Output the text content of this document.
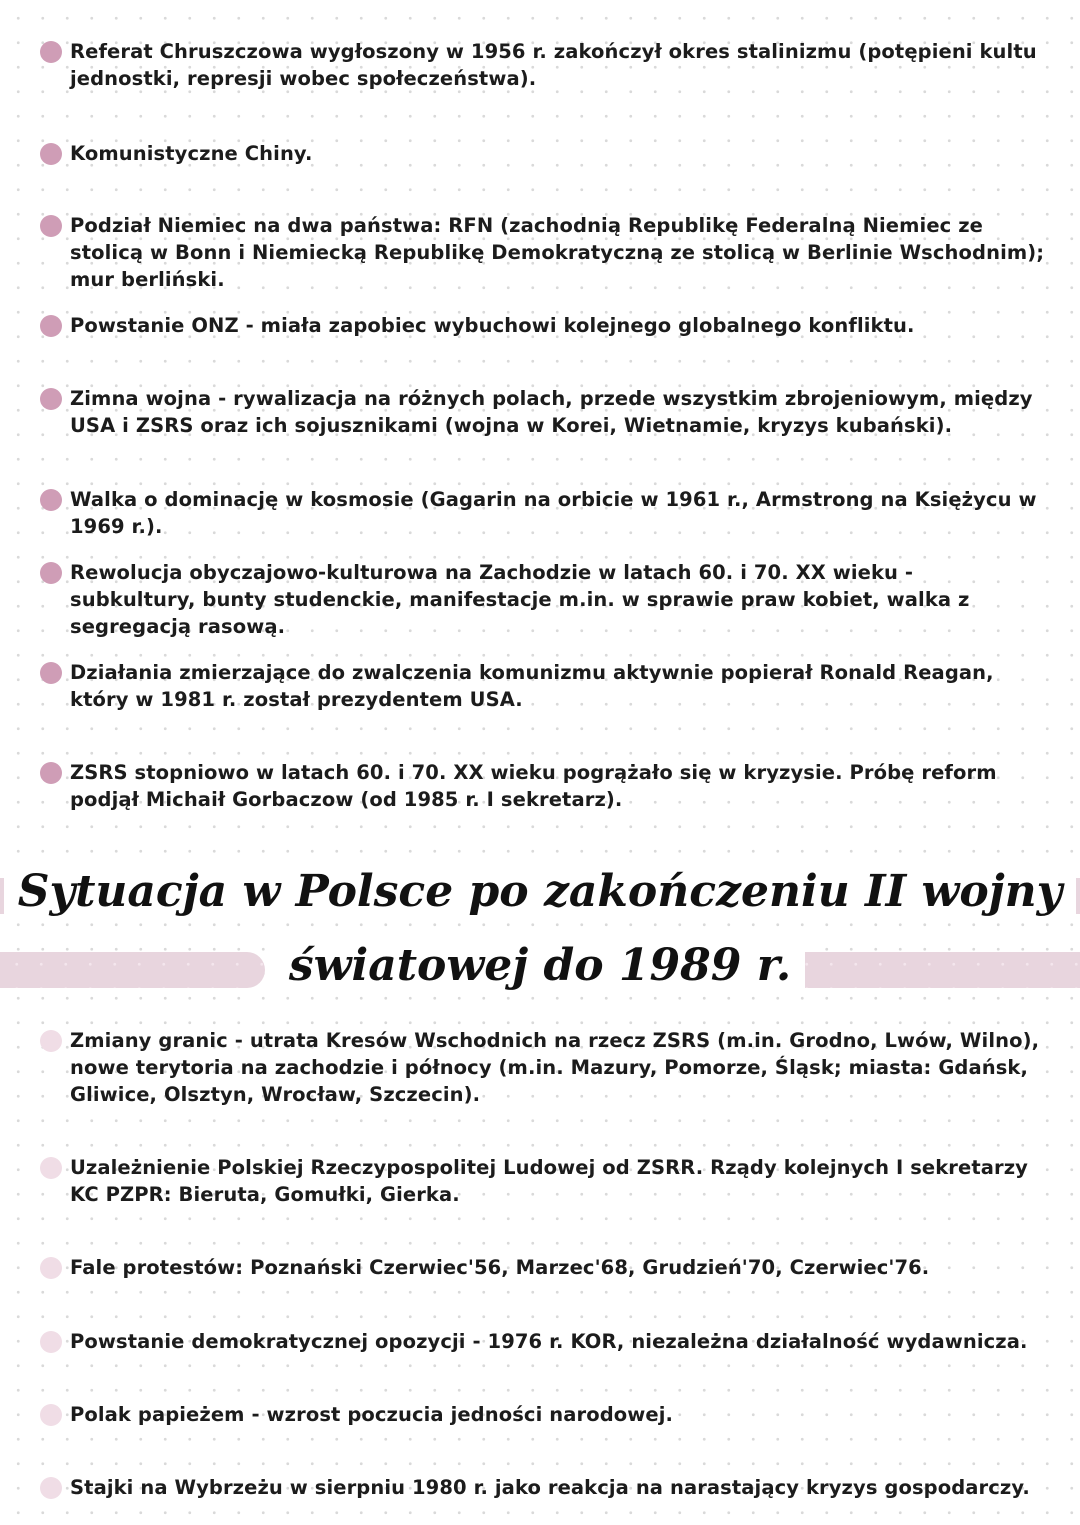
Referat Chruszczowa wygłoszony w 1956 r. zakończył okres stalinizmu (potępieni kultu jednostki, represji wobec społeczeństwa).
Komunistyczne Chiny.
Podział Niemiec na dwa państwa: RFN (zachodnią Republikę Federalną Niemiec ze stolicą w Bonn i Niemiecką Republikę Demokratyczną ze stolicą w Berlinie Wschodnim); mur berliński.
Powstanie ONZ - miała zapobiec wybuchowi kolejnego globalnego konfliktu.
Zimna wojna - rywalizacja na różnych polach, przede wszystkim zbrojeniowym, między USA i ZSRS oraz ich sojusznikami (wojna w Korei, Wietnamie, kryzys kubański).
Walka o dominację w kosmosie (Gagarin na orbicie w 1961 r., Armstrong na Księżycu w 1969 r.).
Rewolucja obyczajowo-kulturowa na Zachodzie w latach 60. i 70. XX wieku - subkultury, bunty studenckie, manifestacje m.in. w sprawie praw kobiet, walka z segregacją rasową.
Działania zmierzające do zwalczenia komunizmu aktywnie popierał Ronald Reagan, który w 1981 r. został prezydentem USA.
ZSRS stopniowo w latach 60. i 70. XX wieku pogrążało się w kryzysie. Próbę reform podjął Michaił Gorbaczow (od 1985 r. I sekretarz).
Sytuacja w Polsce po zakończeniu II wojny
światowej do 1989 r.
Zmiany granic - utrata Kresów Wschodnich na rzecz ZSRS (m.in. Grodno, Lwów, Wilno), nowe terytoria na zachodzie i północy (m.in. Mazury, Pomorze, Śląsk; miasta: Gdańsk, Gliwice, Olsztyn, Wrocław, Szczecin).
Uzależnienie Polskiej Rzeczypospolitej Ludowej od ZSRR. Rządy kolejnych I sekretarzy KC PZPR: Bieruta, Gomułki, Gierka.
Fale protestów: Poznański Czerwiec'56, Marzec'68, Grudzień'70, Czerwiec'76.
Powstanie demokratycznej opozycji - 1976 r. KOR, niezależna działalność wydawnicza.
Polak papieżem - wzrost poczucia jedności narodowej.
Stajki na Wybrzeżu w sierpniu 1980 r. jako reakcja na narastający kryzys gospodarczy.
